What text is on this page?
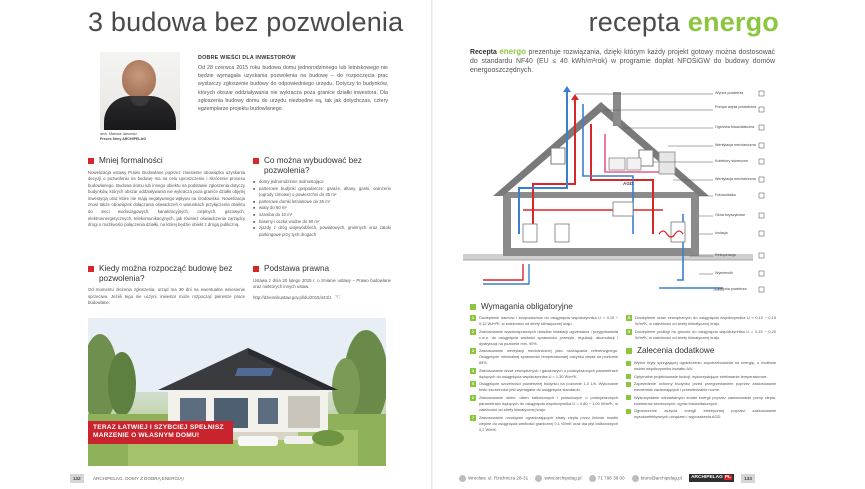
3 budowa bez pozwolenia
arch. Mariusz Jaworski
Prezes firmy ARCHIPELAG
DOBRE WIEŚCI DLA INWESTORÓW
Od 28 czerwca 2015 roku budowa domu jednorodzinnego lub letniskowego nie będzie wymagała uzyskania pozwolenia na budowę – do rozpoczęcia prac wystarczy zgłoszenie budowy do odpowiedniego urzędu. Dotyczy to budynków, których obszar oddziaływania nie wykracza poza granice działki inwestora. Dla zgłoszenia budowy domu do urzędu niezbędne są, tak jak dotychczas, cztery egzemplarze projektu budowlanego.
Mniej formalności
Nowelizacja ustawy Prawo Budowlane poprzez zniesienie obowiązku uzyskania decyzji o pozwoleniu na budowę ma na celu uproszczenie i skrócenie procesu budowlanego. Budowa domu lub innego obiektu na podstawie zgłoszenia dotyczy budynków, których obszar oddziaływania nie wykracza poza granice działki objętej inwestycją oraz które nie mają negatywnego wpływu na środowisko. Nowelizacja znosi także obowiązek dołączania oświadczeń o warunkach przyłączenia obiektu do sieci wodociągowych, kanalizacyjnych, cieplnych, gazowych, elektroenergetycznych, telekomunikacyjnych, jak również oświadczenia zarządcy drogi o możliwości połączenia działki, na której będzie obiekt z drogą publiczną.
Kiedy można rozpocząć budowę bez pozwolenia?
Od momentu złożenia zgłoszenia, urząd ma 30 dni na ewentualne wniesienie sprzeciwu. Jeżeli tego nie uczyni, inwestor może rozpocząć pierwsze prace budowlane.
Co można wybudować bez pozwolenia?
■ domy jednorodzinne wolnostojące
■ parterowe budynki gospodarcze: garaże, altany, ganki, oranżerie (ogrody zimowe) o powierzchni do 35 m²
■ parterowe domki letniskowe do 35 m²
■ wiaty do 50 m²
■ szamba do 10 m³
■ baseny i oczka wodne do 50 m²
■ zjazdy z dróg wojewódzkich, powiatowych, gminnych oraz zatoki parkingowe przy tych drogach
Podstawa prawna
Ustawa z dnia 20 lutego 2015 r. o zmianie ustawy – Prawo budowlane oraz niektórych innych ustaw.
http://dziennikustaw.gov.pl/du/2015/443/1 ☜
TERAZ ŁATWIEJ I SZYBCIEJ SPEŁNISZ MARZENIE O WŁASNYM DOMU!
132	ARCHIPELAG. DOMY Z DOBRĄ ENERGIĄ!
recepta energo
Recepta energo prezentuje rozwiązania, dzięki którym każdy projekt gotowy można dostosować do standardu NF40 (EU ≤ 40 kWh/m²rok) w programie dopłat NFOŚiGW do budowy domów energooszczędnych.
AGD
Wyrzut powietrza
Pompa ciepła powietrzna
Ogrzewa fotowoltaiczna
Wentylacja mechaniczna
Kolektory słoneczne
Wentylacja mechaniczna
Fotowoltaika
Okna trzyszybowe
Izolacja
Rekuperacja
Wymiennik
Czerpnia powietrza
Wymagania obligatoryjne
1	Docieplenie dachów i stropodachów do osiągnięcia współczynnika U = 0,10 ÷ 0,12 W/m²K, w zależności od strefy klimatycznej kraju.
2	Zastosowanie wysokosprawnych układów instalacji ogrzewania i przygotowania c.w.u. do osiągnięcia wartości sprawności przesyłu, regulacji, akumulacji i dystrybucji na poziomie min. 90%.
3	Zastosowanie wentylacji mechanicznej jako rozwiązania referencyjnego. Osiągnięcie minimalnej sprawności temperaturowej odzysku ciepła na poziomie 85%.
4	Zastosowanie drzwi zewnętrznych i garażowych o podwyższonych parametrach dążących do osiągnięcia współczynnika U = 1,30 W/m²K.
5	Osiągnięcie szczelności powietrznej budynku na poziomie 1,0 1/h. Wykonanie testu szczelności jest wymagane do osiągnięcia standardu.
6	Zastosowanie okien, okien balkonowych i połaciowych o podwyższonych parametrach dążących do osiągnięcia współczynnika U = 0,80 ÷ 1,00 W/m²K, w zależności od strefy klimatycznej kraju.
7	Zastosowanie rozwiązań ograniczających straty ciepła przez liniowe mostki cieplne do osiągnięcia wielkości granicznej 0,1 W/mK oraz dla płyt balkonowych 0,2 W/mK.
8	Docieplenie ścian zewnętrznych do osiągnięcia współczynnika U = 0,12 ÷ 0,15 W/m²K, w zależności od strefy klimatycznej kraju.
9	Docieplenie podłogi na gruncie do osiągnięcia współczynnika U = 0,15 ÷ 0,20 W/m²K, w zależności od strefy klimatycznej kraju.
Zalecenia dodatkowe
Wybór bryły sprzyjającej ograniczeniu zapotrzebowania na energię, o możliwie niskim współczynniku kształtu A/V.
Optymalne projektowanie funkcji, wykorzystujące strefowanie temperaturowe.
Zapewnienie ochrony budynku przed przegrzewaniem poprzez zastosowanie elementów zacieniających i przewietrzanie nocne.
Wykorzystanie odnawialnych źródeł energii poprzez zastosowanie pomp ciepła, kolektorów słonecznych, ogniw fotowoltaicznych.
Ograniczenie zużycia energii elektrycznej poprzez zastosowanie wysokoefektywnych urządzeń i wyposażenia AGD.
Wrocław, ul. Rzeźnicza 28-31	www.archipelag.pl	71 798 38 00	biuro@archipelag.pl ARCHIPELAG PL	133
